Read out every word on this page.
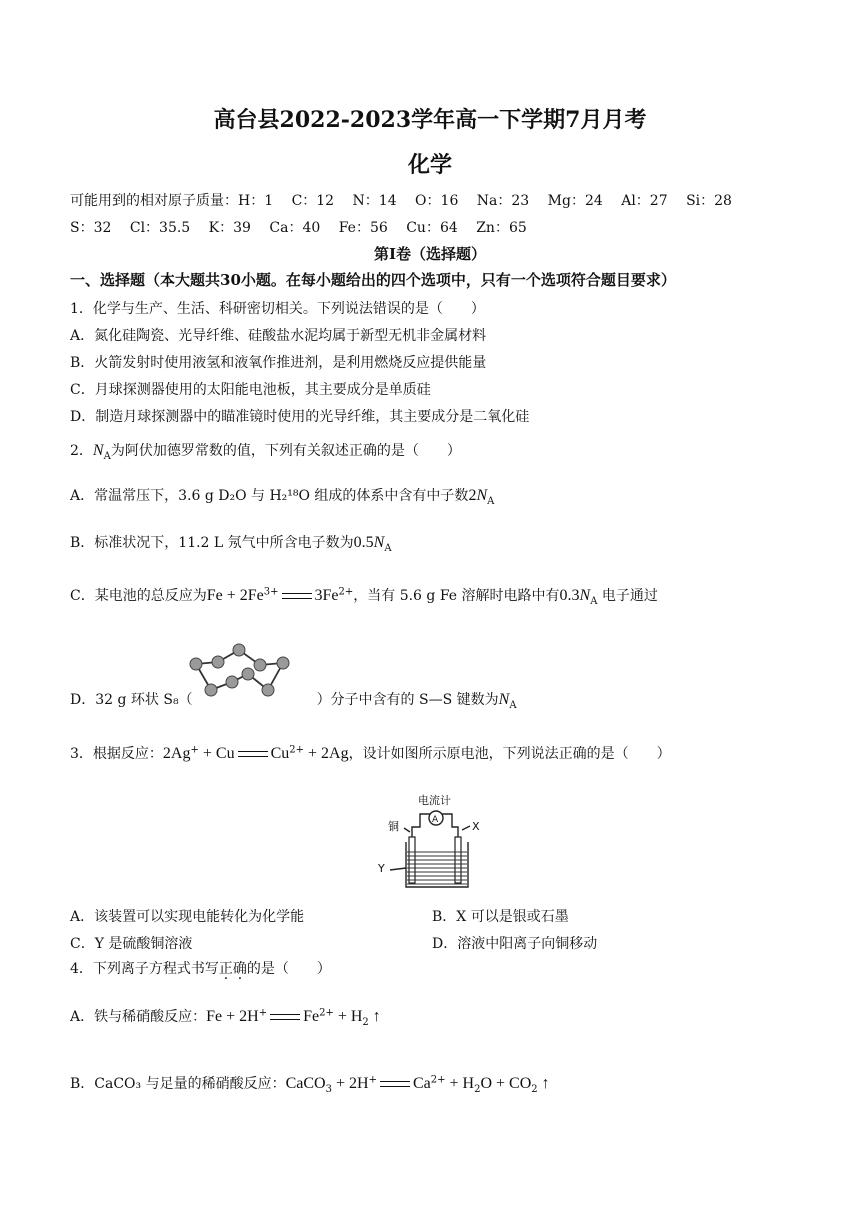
高台县2022-2023学年高一下学期7月月考
化学
可能用到的相对原子质量：H：1　 C：12　 N：14　 O：16　 Na：23　 Mg：24　 Al：27　 Si：28
S：32　 Cl：35.5　 K：39　 Ca：40　 Fe：56　 Cu：64　 Zn：65
第Ⅰ卷（选择题）
一、选择题（本大题共30小题。在每小题给出的四个选项中，只有一个选项符合题目要求）
1．化学与生产、生活、科研密切相关。下列说法错误的是（　　）
A．氮化硅陶瓷、光导纤维、硅酸盐水泥均属于新型无机非金属材料
B．火箭发射时使用液氢和液氧作推进剂，是利用燃烧反应提供能量
C．月球探测器使用的太阳能电池板，其主要成分是单质硅
D．制造月球探测器中的瞄准镜时使用的光导纤维，其主要成分是二氧化硅
2．$N_A$为阿伏加德罗常数的值，下列有关叙述正确的是（　　）
A．常温常压下，3.6 g D₂O 与 H₂¹⁸O 组成的体系中含有中子数$2N_A$
B．标准状况下，11.2 L 氖气中所含电子数为$0.5N_A$
C．某电池的总反应为$Fe + 2Fe^{3+}$ $3Fe^{2+}$，当有 5.6 g Fe 溶解时电路中有$0.3N_A$ 电子通过
D．32 g 环状 S₈（	）分子中含有的 S—S 键数为$N_A$
3．根据反应：2Ag+ + Cu $Cu^{2+} + 2Ag$，设计如图所示原电池，下列说法正确的是（　　）
电流计
铜	X
Y
A
A．该装置可以实现电能转化为化学能	B．X 可以是银或石墨
C．Y 是硫酸铜溶液	D．溶液中阳离子向铜移动
4．下列离子方程式书写正确的是（　　）
A．铁与稀硝酸反应：Fe + 2H+ $Fe^{2+} + H_2$ ↑
B．CaCO₃ 与足量的稀硝酸反应：CaCO$_3$ + 2H+ $Ca^{2+} + H_2O + CO_2$ ↑
